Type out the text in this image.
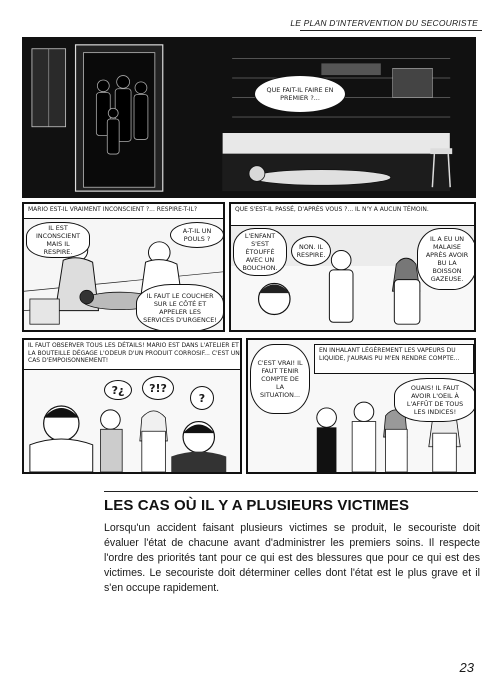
LE PLAN D'INTERVENTION DU SECOURISTE
QUE FAIT-IL FAIRE EN PREMIER ?...
MARIO EST-IL VRAIMENT INCONSCIENT ?... RESPIRE-T-IL?
A-T-IL UN POULS ?
IL EST INCONSCIENT MAIS IL RESPIRE.
IL FAUT LE COUCHER SUR LE CÔTÉ ET APPELER LES SERVICES D'URGENCE!
QUE S'EST-IL PASSÉ, D'APRÈS VOUS ?... IL N'Y A AUCUN TÉMOIN.
L'ENFANT S'EST ÉTOUFFÉ AVEC UN BOUCHON.
NON. IL RESPIRE.
IL A EU UN MALAISE APRÈS AVOIR BU LA BOISSON GAZEUSE.
IL FAUT OBSERVER TOUS LES DÉTAILS! MARIO EST DANS L'ATELIER ET LA BOUTEILLE DÉGAGE L'ODEUR D'UN PRODUIT CORROSIF... C'EST UN CAS D'EMPOISONNEMENT!
?¿	?!?
?
C'EST VRAI! IL FAUT TENIR COMPTE DE LA SITUATION...
EN INHALANT LÉGÈREMENT LES VAPEURS DU LIQUIDE, J'AURAIS PU M'EN RENDRE COMPTE...
OUAIS! IL FAUT AVOIR L'OEIL À L'AFFÛT DE TOUS LES INDICES!
LES CAS OÙ IL Y A PLUSIEURS VICTIMES
Lorsqu'un accident faisant plusieurs victimes se produit, le secouriste doit évaluer l'état de chacune avant d'administrer les premiers soins. Il respecte l'ordre des priorités tant pour ce qui est des blessures que pour ce qui est des victimes. Le secouriste doit déterminer celles dont l'état est le plus grave et il s'en occupe rapidement.
23
